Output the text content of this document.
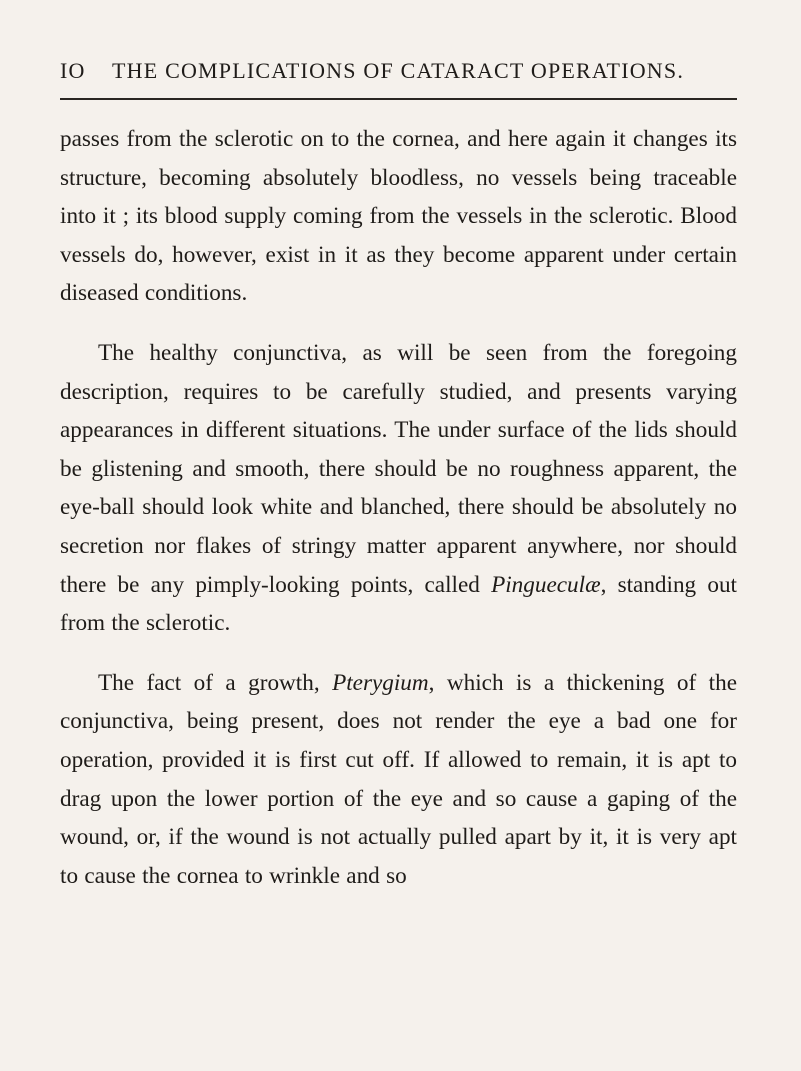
IO THE COMPLICATIONS OF CATARACT OPERATIONS.

passes from the sclerotic on to the cornea, and here again it changes its structure, becoming absolutely bloodless, no vessels being traceable into it ; its blood supply coming from the vessels in the sclerotic. Blood vessels do, however, exist in it as they become apparent under certain diseased conditions.

The healthy conjunctiva, as will be seen from the foregoing description, requires to be carefully studied, and presents varying appearances in different situations. The under surface of the lids should be glistening and smooth, there should be no roughness apparent, the eye-ball should look white and blanched, there should be absolutely no secretion nor flakes of stringy matter apparent anywhere, nor should there be any pimply-looking points, called Pingueculæ, standing out from the sclerotic.

The fact of a growth, Pterygium, which is a thickening of the conjunctiva, being present, does not render the eye a bad one for operation, provided it is first cut off. If allowed to remain, it is apt to drag upon the lower portion of the eye and so cause a gaping of the wound, or, if the wound is not actually pulled apart by it, it is very apt to cause the cornea to wrinkle and so
